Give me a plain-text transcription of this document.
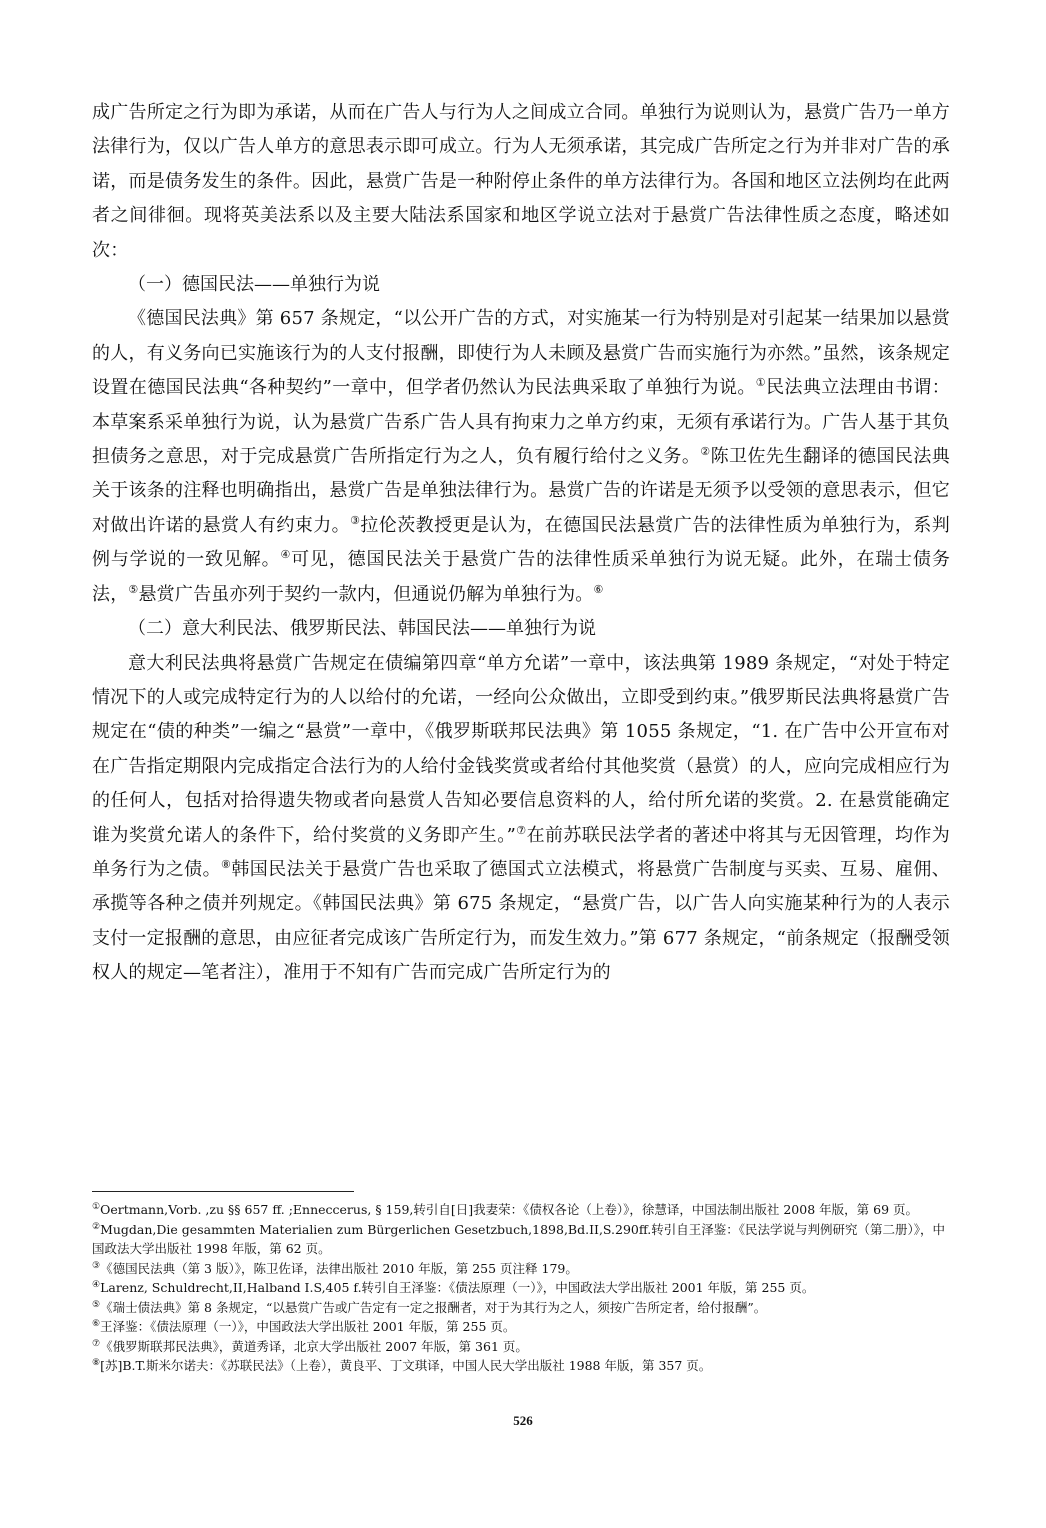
成广告所定之行为即为承诺，从而在广告人与行为人之间成立合同。单独行为说则认为，悬赏广告乃一单方法律行为，仅以广告人单方的意思表示即可成立。行为人无须承诺，其完成广告所定之行为并非对广告的承诺，而是债务发生的条件。因此，悬赏广告是一种附停止条件的单方法律行为。各国和地区立法例均在此两者之间徘徊。现将英美法系以及主要大陆法系国家和地区学说立法对于悬赏广告法律性质之态度，略述如次：

（一）德国民法——单独行为说

《德国民法典》第 657 条规定，“以公开广告的方式，对实施某一行为特别是对引起某一结果加以悬赏的人，有义务向已实施该行为的人支付报酬，即使行为人未顾及悬赏广告而实施行为亦然。”虽然，该条规定设置在德国民法典“各种契约”一章中，但学者仍然认为民法典采取了单独行为说。①民法典立法理由书谓：本草案系采单独行为说，认为悬赏广告系广告人具有拘束力之单方约束，无须有承诺行为。广告人基于其负担债务之意思，对于完成悬赏广告所指定行为之人，负有履行给付之义务。②陈卫佐先生翻译的德国民法典关于该条的注释也明确指出，悬赏广告是单独法律行为。悬赏广告的许诺是无须予以受领的意思表示，但它对做出许诺的悬赏人有约束力。③拉伦茨教授更是认为，在德国民法悬赏广告的法律性质为单独行为，系判例与学说的一致见解。④可见，德国民法关于悬赏广告的法律性质采单独行为说无疑。此外，在瑞士债务法，⑤悬赏广告虽亦列于契约一款内，但通说仍解为单独行为。⑥

（二）意大利民法、俄罗斯民法、韩国民法——单独行为说

意大利民法典将悬赏广告规定在债编第四章“单方允诺”一章中，该法典第 1989 条规定，“对处于特定情况下的人或完成特定行为的人以给付的允诺，一经向公众做出，立即受到约束。”俄罗斯民法典将悬赏广告规定在“债的种类”一编之“悬赏”一章中，《俄罗斯联邦民法典》第 1055 条规定，“1. 在广告中公开宣布对在广告指定期限内完成指定合法行为的人给付金钱奖赏或者给付其他奖赏（悬赏）的人，应向完成相应行为的任何人，包括对拾得遗失物或者向悬赏人告知必要信息资料的人，给付所允诺的奖赏。2. 在悬赏能确定谁为奖赏允诺人的条件下，给付奖赏的义务即产生。”⑦在前苏联民法学者的著述中将其与无因管理，均作为单务行为之债。⑧韩国民法关于悬赏广告也采取了德国式立法模式，将悬赏广告制度与买卖、互易、雇佣、承揽等各种之债并列规定。《韩国民法典》第 675 条规定，“悬赏广告，以广告人向实施某种行为的人表示支付一定报酬的意思，由应征者完成该广告所定行为，而发生效力。”第 677 条规定，“前条规定（报酬受领权人的规定—笔者注），准用于不知有广告而完成广告所定行为的

①Oertmann,Vorb. ,zu §§ 657 ff. ;Enneccerus, § 159,转引自[日]我妻荣：《债权各论（上卷）》，徐慧译，中国法制出版社 2008 年版，第 69 页。

②Mugdan,Die gesammten Materialien zum Bürgerlichen Gesetzbuch,1898,Bd.II,S.290ff.转引自王泽鉴：《民法学说与判例研究（第二册）》，中国政法大学出版社 1998 年版，第 62 页。

③《德国民法典（第 3 版）》，陈卫佐译，法律出版社 2010 年版，第 255 页注释 179。

④Larenz, Schuldrecht,II,Halband I.S,405 f.转引自王泽鉴：《债法原理（一）》，中国政法大学出版社 2001 年版，第 255 页。

⑤《瑞士债法典》第 8 条规定，“以悬赏广告或广告定有一定之报酬者，对于为其行为之人，须按广告所定者，给付报酬”。

⑥王泽鉴：《债法原理（一）》，中国政法大学出版社 2001 年版，第 255 页。

⑦《俄罗斯联邦民法典》，黄道秀译，北京大学出版社 2007 年版，第 361 页。

⑧[苏]B.T.斯米尔诺夫：《苏联民法》（上卷），黄良平、丁文琪译，中国人民大学出版社 1988 年版，第 357 页。

526
